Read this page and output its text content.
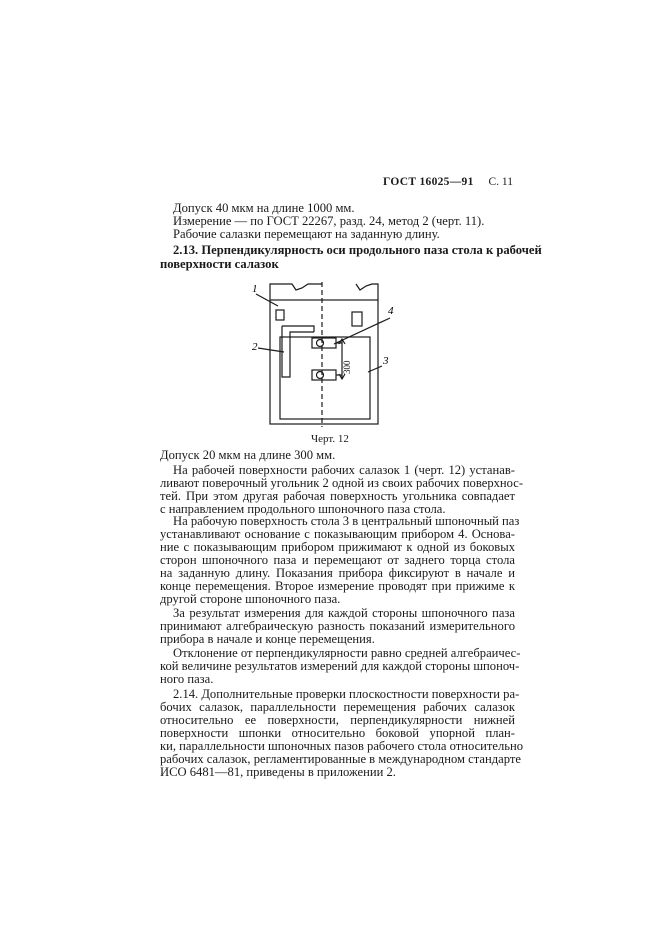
ГОСТ 16025—91 С. 11
Допуск 40 мкм на длине 1000 мм.
Измерение — по ГОСТ 22267, разд. 24, метод 2 (черт. 11).
Рабочие салазки перемещают на заданную длину.
2.13. Перпендикулярность оси продольного паза стола к рабочей
поверхности салазок
1
2
3
4
300
Черт. 12
Допуск 20 мкм на длине 300 мм.
На рабочей поверхности рабочих салазок 1 (черт. 12) устанав-
ливают поверочный угольник 2 одной из своих рабочих поверхнос-
тей. При этом другая рабочая поверхность угольника совпадает
с направлением продольного шпоночного паза стола.
На рабочую поверхность стола 3 в центральный шпоночный паз
устанавливают основание с показывающим прибором 4. Основа-
ние с показывающим прибором прижимают к одной из боковых
сторон шпоночного паза и перемещают от заднего торца стола
на заданную длину. Показания прибора фиксируют в начале и
конце перемещения. Второе измерение проводят при прижиме к
другой стороне шпоночного паза.
За результат измерения для каждой стороны шпоночного паза
принимают алгебраическую разность показаний измерительного
прибора в начале и конце перемещения.
Отклонение от перпендикулярности равно средней алгебраичес-
кой величине результатов измерений для каждой стороны шпоноч-
ного паза.
2.14. Дополнительные проверки плоскостности поверхности ра-
бочих салазок, параллельности перемещения рабочих салазок
относительно ее поверхности, перпендикулярности нижней
поверхности шпонки относительно боковой упорной план-
ки, параллельности шпоночных пазов рабочего стола относительно
рабочих салазок, регламентированные в международном стандарте
ИСО 6481—81, приведены в приложении 2.
